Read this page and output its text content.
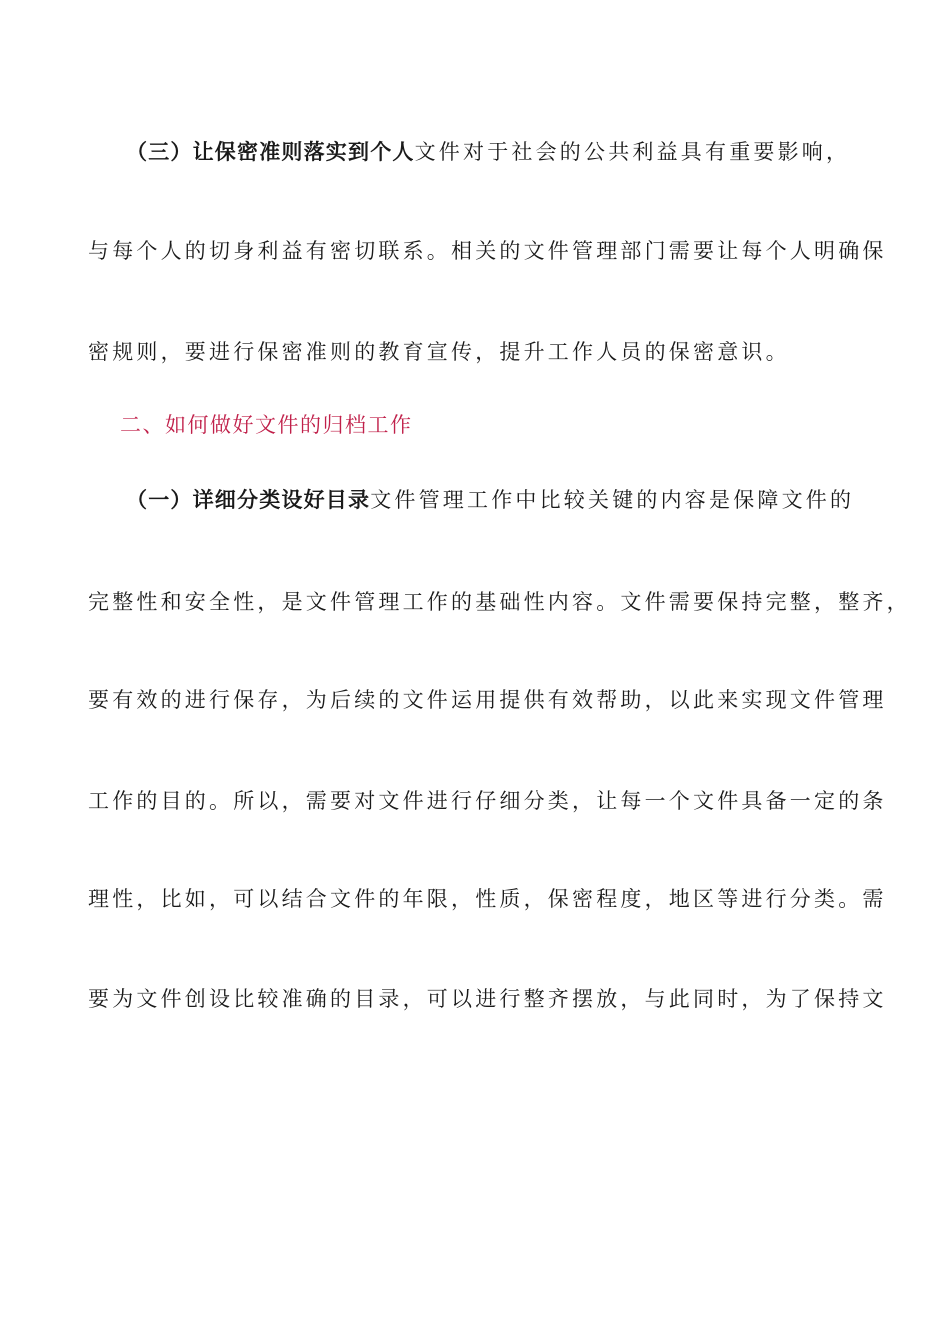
（三）让保密准则落实到个人文件对于社会的公共利益具有重要影响，
与每个人的切身利益有密切联系。相关的文件管理部门需要让每个人明确保
密规则，要进行保密准则的教育宣传，提升工作人员的保密意识。
二、如何做好文件的归档工作
（一）详细分类设好目录文件管理工作中比较关键的内容是保障文件的
完整性和安全性，是文件管理工作的基础性内容。文件需要保持完整，整齐，
要有效的进行保存，为后续的文件运用提供有效帮助，以此来实现文件管理
工作的目的。所以，需要对文件进行仔细分类，让每一个文件具备一定的条
理性，比如，可以结合文件的年限，性质，保密程度，地区等进行分类。需
要为文件创设比较准确的目录，可以进行整齐摆放，与此同时，为了保持文
